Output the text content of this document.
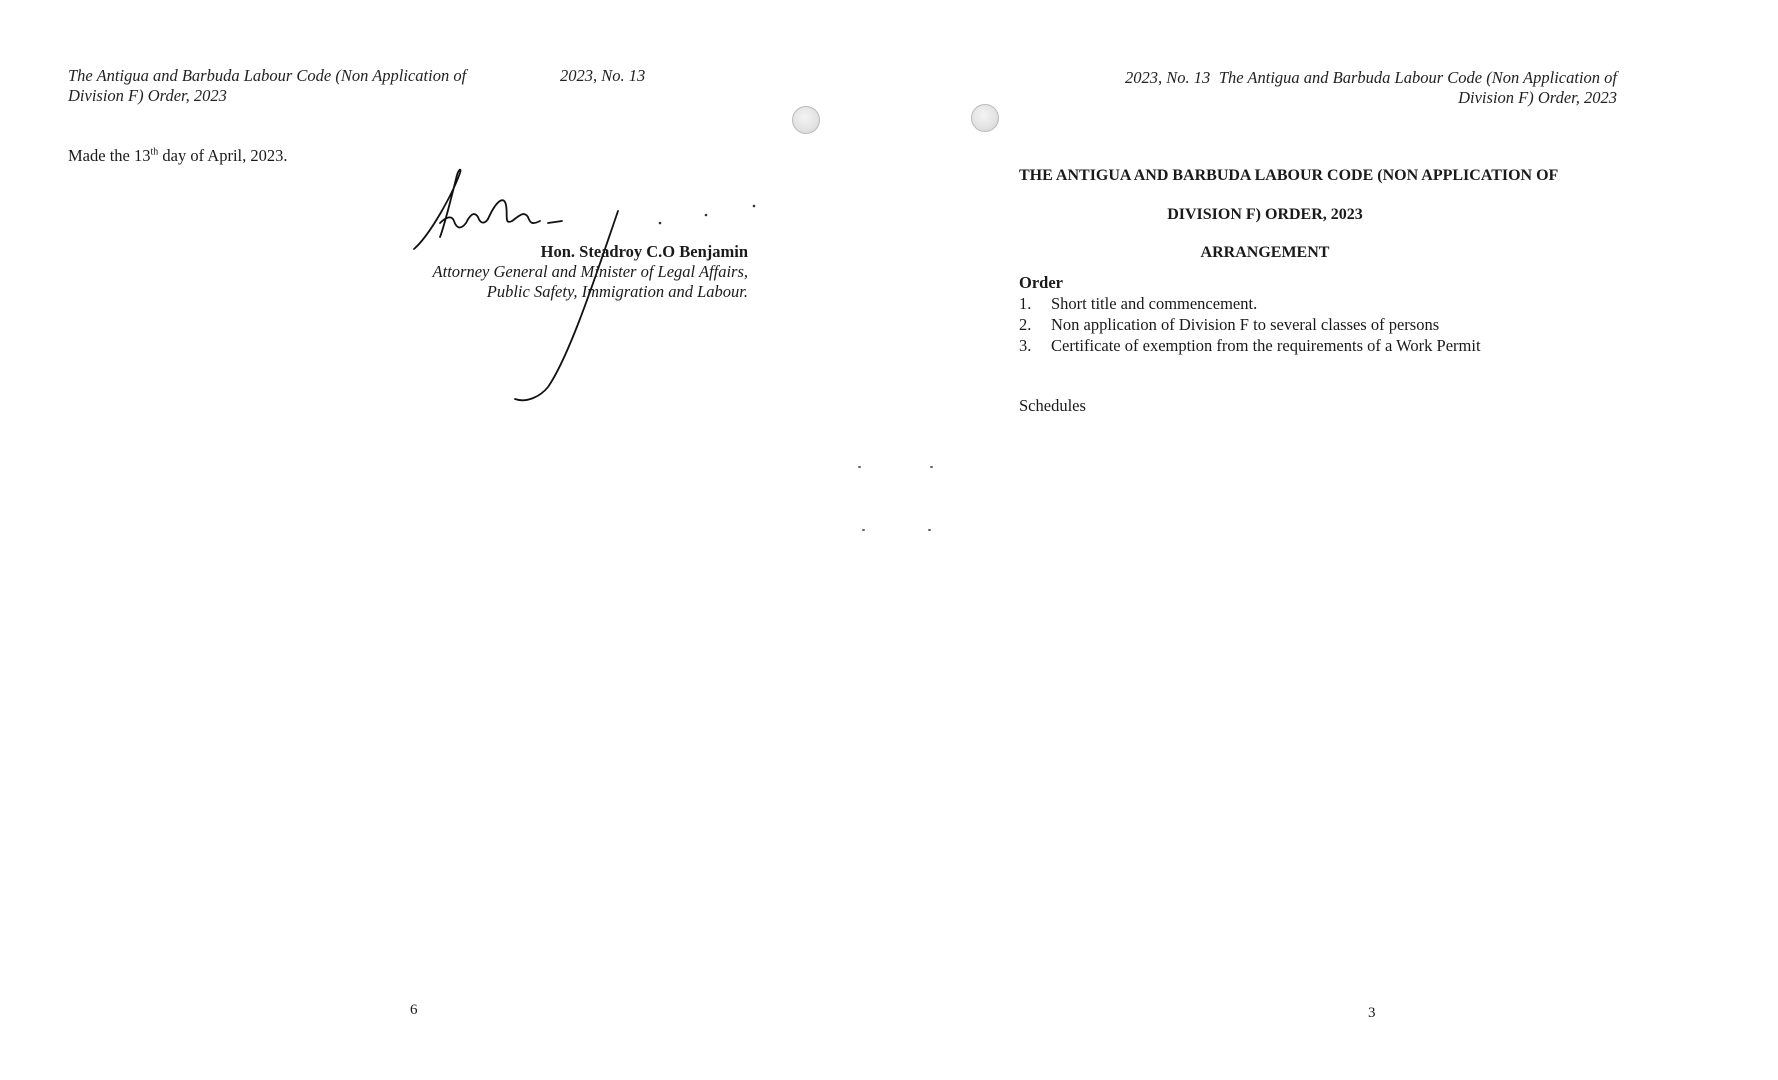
The Antigua and Barbuda Labour Code (Non Application of
Division F) Order, 2023
2023, No. 13
Made the 13th day of April, 2023.
Hon. Steadroy C.O Benjamin
Attorney General and Minister of Legal Affairs,
Public Safety, Immigration and Labour.
6
2023, No. 13 The Antigua and Barbuda Labour Code (Non Application of
Division F) Order, 2023
THE ANTIGUA AND BARBUDA LABOUR CODE (NON APPLICATION OF
DIVISION F) ORDER, 2023
ARRANGEMENT
Order
1. Short title and commencement.
2. Non application of Division F to several classes of persons
3. Certificate of exemption from the requirements of a Work Permit
Schedules
3
